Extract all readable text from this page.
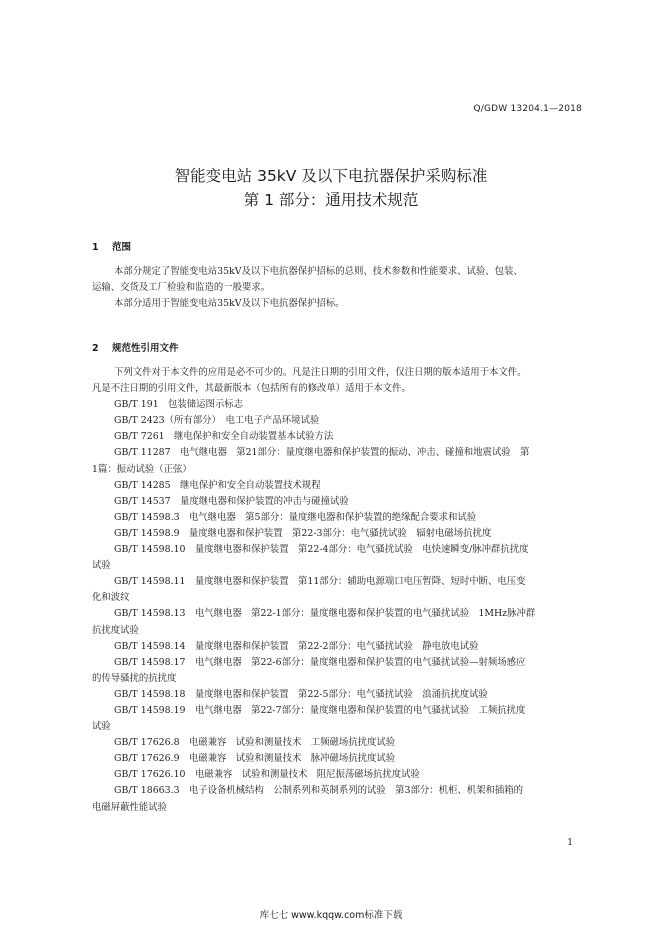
Q/GDW 13204.1—2018
智能变电站 35kV 及以下电抗器保护采购标准
第 1 部分：通用技术规范
1 范围
本部分规定了智能变电站35kV及以下电抗器保护招标的总则、技术参数和性能要求、试验、包装、
运输、交货及工厂检验和监造的一般要求。
本部分适用于智能变电站35kV及以下电抗器保护招标。
2 规范性引用文件
下列文件对于本文件的应用是必不可少的。凡是注日期的引用文件，仅注日期的版本适用于本文件。
凡是不注日期的引用文件，其最新版本（包括所有的修改单）适用于本文件。
GB/T 191　包装储运图示标志
GB/T 2423（所有部分）　电工电子产品环境试验
GB/T 7261　继电保护和安全自动装置基本试验方法
GB/T 11287　电气继电器　第21部分：量度继电器和保护装置的振动、冲击、碰撞和地震试验　第
1篇：振动试验（正弦）
GB/T 14285　继电保护和安全自动装置技术规程
GB/T 14537　量度继电器和保护装置的冲击与碰撞试验
GB/T 14598.3　电气继电器　第5部分：量度继电器和保护装置的绝缘配合要求和试验
GB/T 14598.9　量度继电器和保护装置　第22-3部分：电气骚扰试验　辐射电磁场抗扰度
GB/T 14598.10　量度继电器和保护装置　第22-4部分：电气骚扰试验　电快速瞬变/脉冲群抗扰度
试验
GB/T 14598.11　量度继电器和保护装置　第11部分：辅助电源端口电压暂降、短时中断、电压变
化和波纹
GB/T 14598.13　电气继电器　第22-1部分：量度继电器和保护装置的电气骚扰试验　1MHz脉冲群
抗扰度试验
GB/T 14598.14　量度继电器和保护装置　第22-2部分：电气骚扰试验　静电放电试验
GB/T 14598.17　电气继电器　第22-6部分：量度继电器和保护装置的电气骚扰试验—射频场感应
的传导骚扰的抗扰度
GB/T 14598.18　量度继电器和保护装置　第22-5部分：电气骚扰试验　浪涌抗扰度试验
GB/T 14598.19　电气继电器　第22-7部分：量度继电器和保护装置的电气骚扰试验　工频抗扰度
试验
GB/T 17626.8　电磁兼容　试验和测量技术　工频磁场抗扰度试验
GB/T 17626.9　电磁兼容　试验和测量技术　脉冲磁场抗扰度试验
GB/T 17626.10　电磁兼容　试验和测量技术　阻尼振荡磁场抗扰度试验
GB/T 18663.3　电子设备机械结构　公制系列和英制系列的试验　第3部分：机柜、机架和插箱的
电磁屏蔽性能试验
1
库七七 www.kqqw.com标准下载
